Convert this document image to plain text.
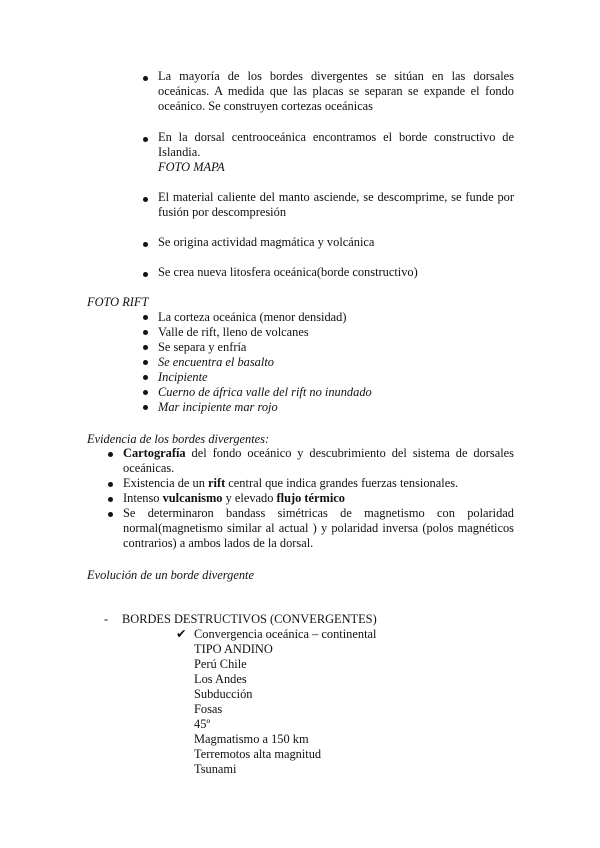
La mayoría de los bordes divergentes se sitúan en las dorsales oceánicas. A medida que las placas se separan se expande el fondo oceánico. Se construyen cortezas oceánicas

En la dorsal centrooceánica encontramos el borde constructivo de Islandia.

FOTO MAPA

El material caliente del manto asciende, se descomprime, se funde por fusión por descompresión

Se origina actividad magmática y volcánica

Se crea nueva litosfera oceánica(borde constructivo)

FOTO RIFT

La corteza oceánica (menor densidad)
Valle de rift, lleno de volcanes
Se separa y enfría
Se encuentra el basalto
Incipiente
Cuerno de áfrica valle del rift no inundado
Mar incipiente mar rojo

Evidencia de los bordes divergentes:

Cartografía del fondo oceánico y descubrimiento del sistema de dorsales oceánicas.

Existencia de un rift central que indica grandes fuerzas tensionales.

Intenso vulcanismo y elevado flujo térmico

Se determinaron bandass simétricas de magnetismo con polaridad normal(magnetismo similar al actual ) y polaridad inversa (polos magnéticos contrarios) a ambos lados de la dorsal.

Evolución de un borde divergente

- BORDES DESTRUCTIVOS (CONVERGENTES)

✔ Convergencia oceánica – continental

TIPO ANDINO
Perú Chile
Los Andes
Subducción
Fosas
45º
Magmatismo a 150 km
Terremotos alta magnitud
Tsunami
